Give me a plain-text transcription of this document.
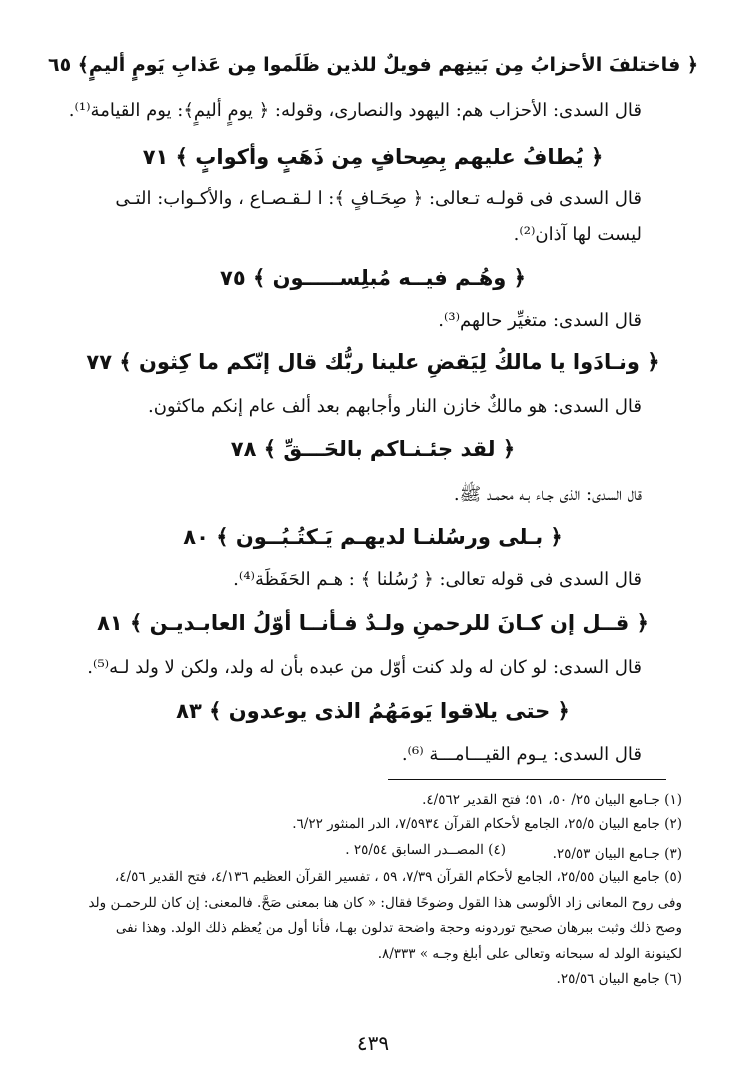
﴿ فاختلفَ الأحزابُ مِن بَينِهم فويلٌ للذين ظَلَموا مِن عَذابِ يَومٍ أليمٍ﴾ ٦٥
قال السدى: الأحزاب هم: اليهود والنصارى، وقوله: ﴿ يومٍ أليمٍ﴾: يوم القيامة⁽¹⁾.
﴿ يُطافُ عليهم بِصِحافٍ مِن ذَهَبٍ وأكوابٍ ﴾ ٧١
قال السدى فى قولـه تـعالى: ﴿ صِحَـافٍ ﴾: ا لـقـصـاع ، والأكـواب: التـى
ليست لها آذان⁽²⁾.
﴿ وهُـم فيــه مُبلِســـــون ﴾ ٧٥
قال السدى: متغيِّر حالهم⁽³⁾.
﴿ ونـادَوا يا مالكُ لِيَقضِ علينا ربُّك قال إنّكم ما كِثون ﴾ ٧٧
قال السدى: هو مالكٌ خازن النار وأجابهم بعد ألف عام إنكم ماكثون.
﴿ لقد جئـنـاكم بالحَـــقِّ ﴾ ٧٨
قال السدى: الذى جـاء بـه محمـد ﷺ.
﴿ بـلى ورسُلنـا لديهـم يَـكتُـبُــون ﴾ ٨٠
قال السدى فى قوله تعالى: ﴿ رُسُلنا ﴾ : هـم الحَفَظَة⁽⁴⁾.
﴿ قــل إن كـانَ للرحمنِ ولـدٌ فـأنــا أوّلُ العابـديـن ﴾ ٨١
قال السدى: لو كان له ولد كنت أوّل من عبده بأن له ولد، ولكن لا ولد لـه⁽⁵⁾.
﴿ حتى يلاقوا يَومَهُمُ الذى يوعدون ﴾ ٨٣
قال السدى: يـوم القيـــامـــة ⁽⁶⁾.
(١) جـامع البيان ٢٥/ ٥٠، ٥١؛ فتح القدير ٤/٥٦٢.
(٢) جامع البيان ٢٥/٥، الجامع لأحكام القرآن ٧/٥٩٣٤، الدر المنثور ٦/٢٢.
(٤) المصــدر السابق ٢٥/٥٤ .	(٣) جـامع البيان ٢٥/٥٣.
(٥) جامع البيان ٢٥/٥٥، الجامع لأحكام القرآن ٧/٣٩، ٥٩ ، تفسير القرآن العظيم ٤/١٣٦، فتح القدير ٤/٥٦،
وفى روح المعانى زاد الألوسى هذا القول وضوحًا فقال: « كان هنا بمعنى صَحَّ. فالمعنى: إن كان للرحمـن ولد
وصح ذلك وثبت ببرهان صحيح توردونه وحجة واضحة تدلون بهـا، فأنا أول من يُعظم ذلك الولد. وهذا نفى
لكينونة الولد له سبحانه وتعالى على أبلغ وجـه » ٨/٣٣٣.
(٦) جامع البيان ٢٥/٥٦.
٤٣٩
